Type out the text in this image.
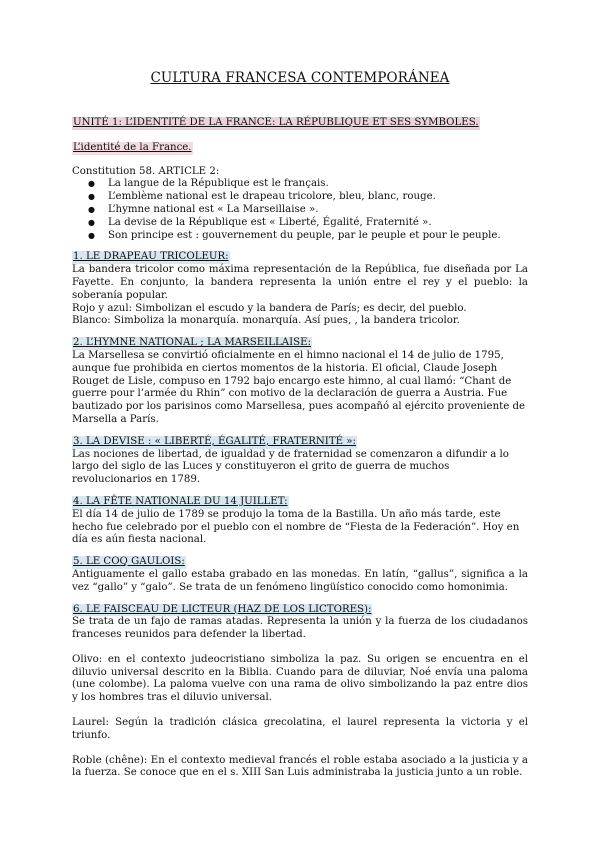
CULTURA FRANCESA CONTEMPORÁNEA
UNITÉ 1: L’IDENTITÉ DE LA FRANCE: LA RÉPUBLIQUE ET SES SYMBOLES.
L’identité de la France.

Constitution 58. ARTICLE 2:

● La langue de la République est le français.
● L’emblème national est le drapeau tricolore, bleu, blanc, rouge.
● L’hymne national est « La Marseillaise ».
● La devise de la République est « Liberté, Égalité, Fraternité ».
● Son principe est : gouvernement du peuple, par le peuple et pour le peuple.
1. LE DRAPEAU TRICOLEUR:

La bandera tricolor como máxima representación de la República, fue diseñada por La Fayette. En conjunto, la bandera representa la unión entre el rey y el pueblo: la soberanía popular.

Rojo y azul: Simbolizan el escudo y la bandera de París; es decir, del pueblo.

Blanco: Simboliza la monarquía. monarquía. Así pues, , la bandera tricolor.

2. L’HYMNE NATIONAL ; LA MARSEILLAISE:

La Marsellesa se convirtió oficialmente en el himno nacional el 14 de julio de 1795, aunque fue prohibida en ciertos momentos de la historia. El oficial, Claude Joseph Rouget de Lisle, compuso en 1792 bajo encargo este himno, al cual llamó: “Chant de guerre pour l’armée du Rhin” con motivo de la declaración de guerra a Austria. Fue bautizado por los parisinos como Marsellesa, pues acompañó al ejército proveniente de Marsella a París.

3. LA DEVISE : « LIBERTÉ, ÉGALITÉ, FRATERNITÉ »:

Las nociones de libertad, de igualdad y de fraternidad se comenzaron a difundir a lo largo del siglo de las Luces y constituyeron el grito de guerra de muchos revolucionarios en 1789.

4. LA FÊTE NATIONALE DU 14 JUILLET:

El día 14 de julio de 1789 se produjo la toma de la Bastilla. Un año más tarde, este hecho fue celebrado por el pueblo con el nombre de “Fiesta de la Federación”. Hoy en día es aún fiesta nacional.

5. LE COQ GAULOIS:

Antiguamente el gallo estaba grabado en las monedas. En latín, “gallus”, significa a la vez “gallo” y “galo”. Se trata de un fenómeno lingüístico conocido como homonimia.

6. LE FAISCEAU DE LICTEUR (HAZ DE LOS LICTORES):

Se trata de un fajo de ramas atadas. Representa la unión y la fuerza de los ciudadanos franceses reunidos para defender la libertad.

Olivo: en el contexto judeocristiano simboliza la paz. Su origen se encuentra en el diluvio universal descrito en la Biblia. Cuando para de diluviar, Noé envía una paloma (une colombe). La paloma vuelve con una rama de olivo simbolizando la paz entre dios y los hombres tras el diluvio universal.

Laurel: Según la tradición clásica grecolatina, el laurel representa la victoria y el triunfo.

Roble (chêne): En el contexto medieval francés el roble estaba asociado a la justicia y a la fuerza. Se conoce que en el s. XIII San Luis administraba la justicia junto a un roble.
